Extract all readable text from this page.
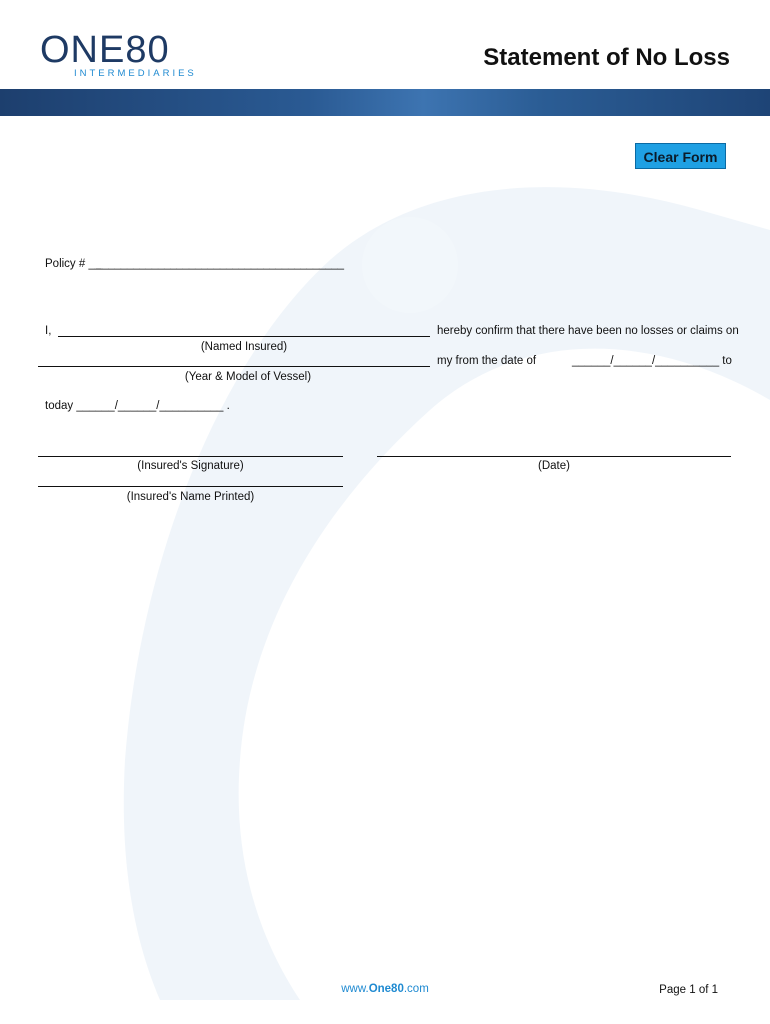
ONE80
INTERMEDIARIES
Statement of No Loss
Clear Form
Policy # __
________________________________________
I,	hereby confirm that there have been no losses or claims on
(Named Insured)
my from the date of	______/______/__________ to
(Year & Model of Vessel)
today ______/______/__________ .
(Insured's Signature)	(Date)
(Insured's Name Printed)
www.One80.com	Page 1 of 1
